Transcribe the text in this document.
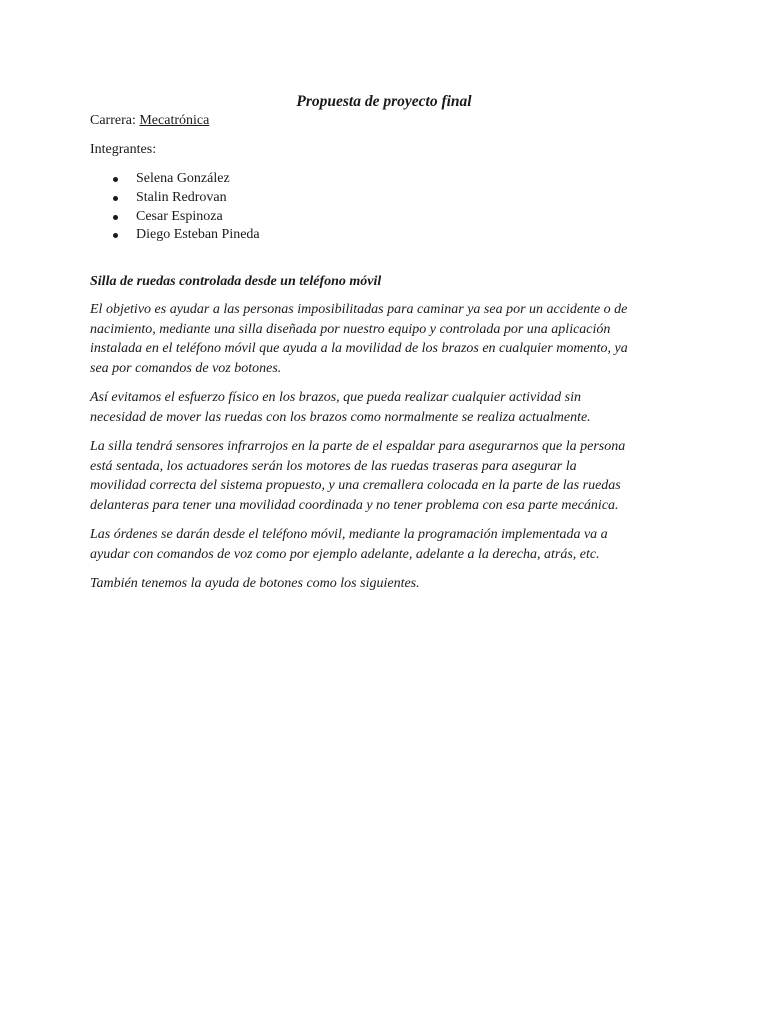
Propuesta de proyecto final

Carrera: Mecatrónica

Integrantes:

Selena González
Stalin Redrovan
Cesar Espinoza
Diego Esteban Pineda

Silla de ruedas controlada desde un teléfono móvil

El objetivo es ayudar a las personas imposibilitadas para caminar ya sea por un accidente o de
nacimiento, mediante una silla diseñada por nuestro equipo y controlada por una aplicación
instalada en el teléfono móvil que ayuda a la movilidad de los brazos en cualquier momento, ya
sea por comandos de voz botones.

Así evitamos el esfuerzo físico en los brazos, que pueda realizar cualquier actividad sin
necesidad de mover las ruedas con los brazos como normalmente se realiza actualmente.

La silla tendrá sensores infrarrojos en la parte de el espaldar para asegurarnos que la persona
está sentada, los actuadores serán los motores de las ruedas traseras para asegurar la
movilidad correcta del sistema propuesto, y una cremallera colocada en la parte de las ruedas
delanteras para tener una movilidad coordinada y no tener problema con esa parte mecánica.

Las órdenes se darán desde el teléfono móvil, mediante la programación implementada va a
ayudar con comandos de voz como por ejemplo adelante, adelante a la derecha, atrás, etc.

También tenemos la ayuda de botones como los siguientes.
